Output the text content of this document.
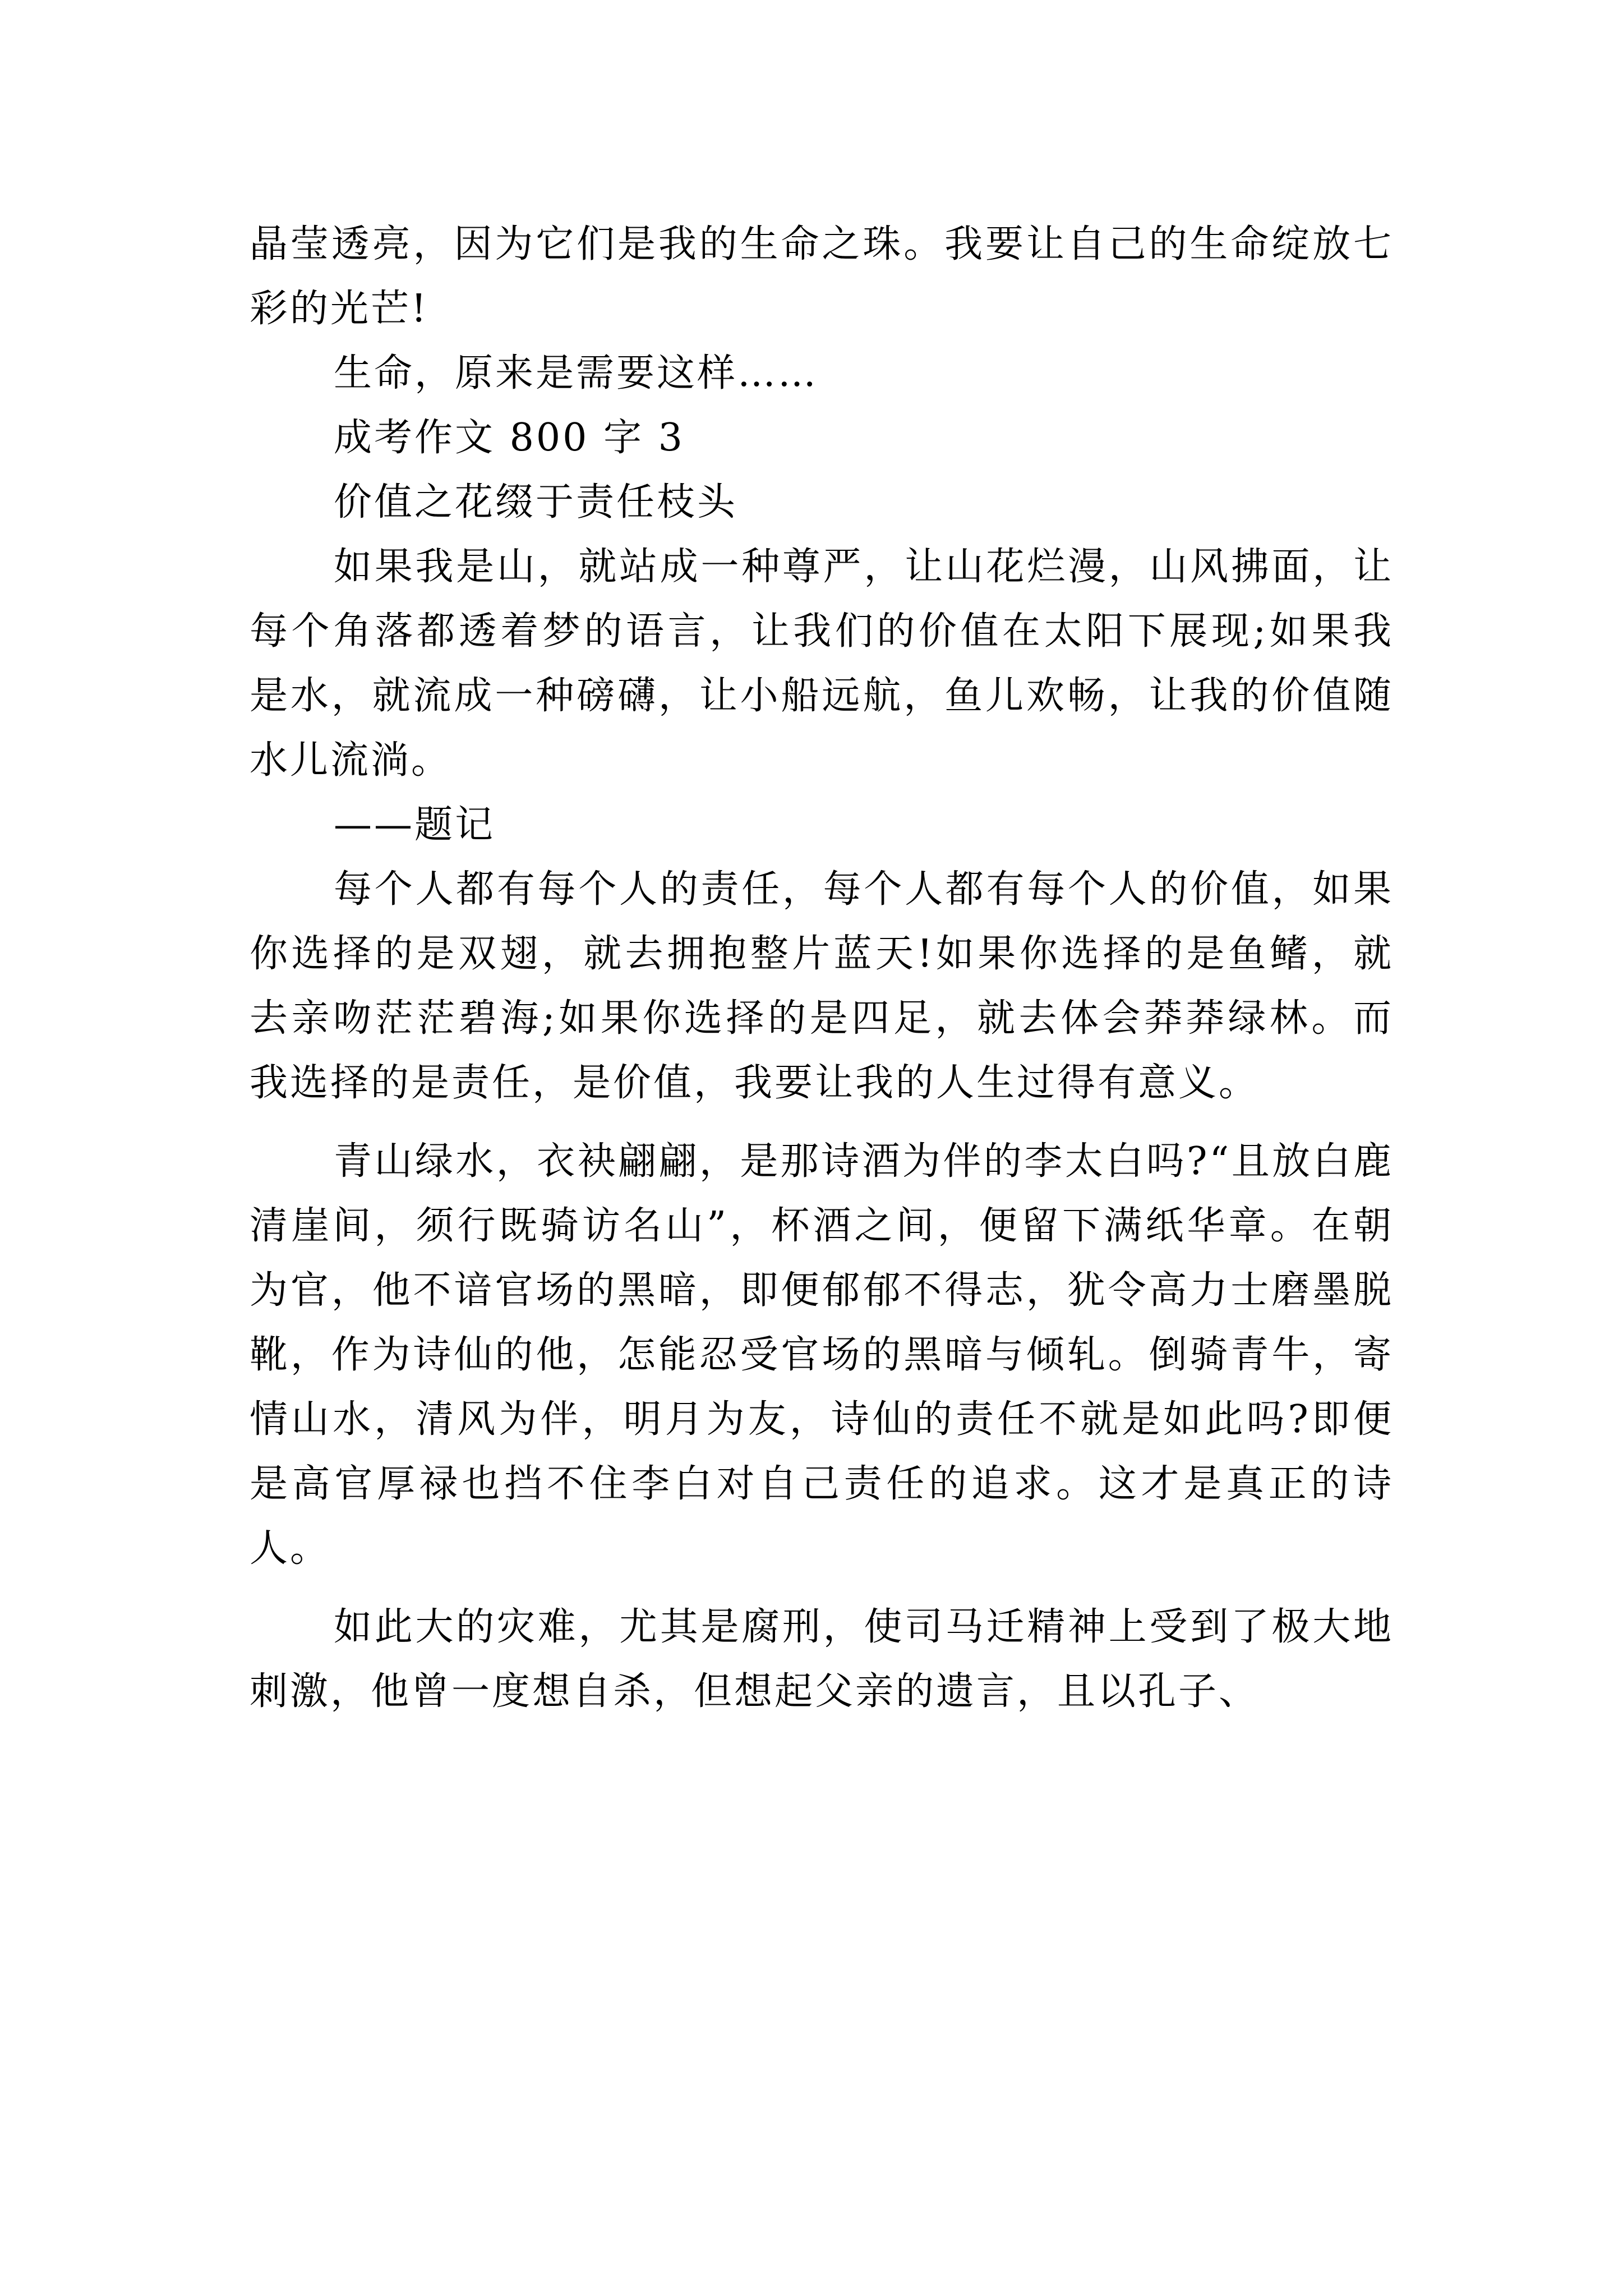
晶莹透亮，因为它们是我的生命之珠。我要让自己的生命绽放七彩的光芒!

生命，原来是需要这样……

成考作文 800 字 3

价值之花缀于责任枝头

如果我是山，就站成一种尊严，让山花烂漫，山风拂面，让每个角落都透着梦的语言，让我们的价值在太阳下展现;如果我是水，就流成一种磅礴，让小船远航，鱼儿欢畅，让我的价值随水儿流淌。

——题记

每个人都有每个人的责任，每个人都有每个人的价值，如果你选择的是双翅，就去拥抱整片蓝天!如果你选择的是鱼鳍，就去亲吻茫茫碧海;如果你选择的是四足，就去体会莽莽绿林。而我选择的是责任，是价值，我要让我的人生过得有意义。

青山绿水，衣袂翩翩，是那诗酒为伴的李太白吗?“且放白鹿清崖间，须行既骑访名山”，杯酒之间，便留下满纸华章。在朝为官，他不谙官场的黑暗，即便郁郁不得志，犹令高力士磨墨脱靴，作为诗仙的他，怎能忍受官场的黑暗与倾轧。倒骑青牛，寄情山水，清风为伴，明月为友，诗仙的责任不就是如此吗?即便是高官厚禄也挡不住李白对自己责任的追求。这才是真正的诗人。

如此大的灾难，尤其是腐刑，使司马迁精神上受到了极大地刺激，他曾一度想自杀，但想起父亲的遗言，且以孔子、
